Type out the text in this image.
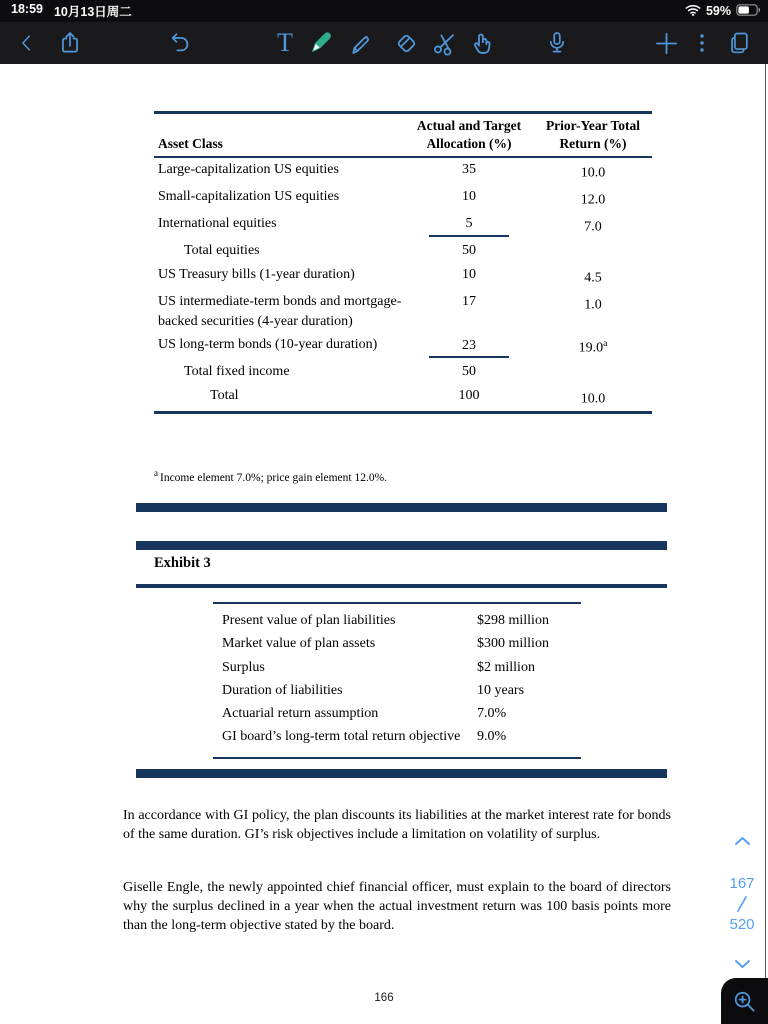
18:59 10月13日周二	59%
T
Asset Class	Actual and Target Allocation (%)	Prior-Year Total Return (%)
Large-capitalization US equities	35	10.0
Small-capitalization US equities	10	12.0
International equities	5	7.0
Total equities	50	

US Treasury bills (1-year duration)	10	4.5
US intermediate-term bonds and mortgage-backed securities (4-year duration)	17	1.0
US long-term bonds (10-year duration)	23	19.0$^a$
Total fixed income	50	

Total	100	10.0
$^a$ Income element 7.0%; price gain element 12.0%.
Exhibit 3
Present value of plan liabilities	$298 million
Market value of plan assets	$300 million
Surplus	$2 million
Duration of liabilities	10 years
Actuarial return assumption	7.0%
GI board’s long-term total return objective	9.0%

In accordance with GI policy, the plan discounts its liabilities at the market interest rate for bonds of the same duration. GI’s risk objectives include a limitation on volatility of surplus.

Giselle Engle, the newly appointed chief financial officer, must explain to the board of directors why the surplus declined in a year when the actual investment return was 100 basis points more than the long-term objective stated by the board.

166
167
520
